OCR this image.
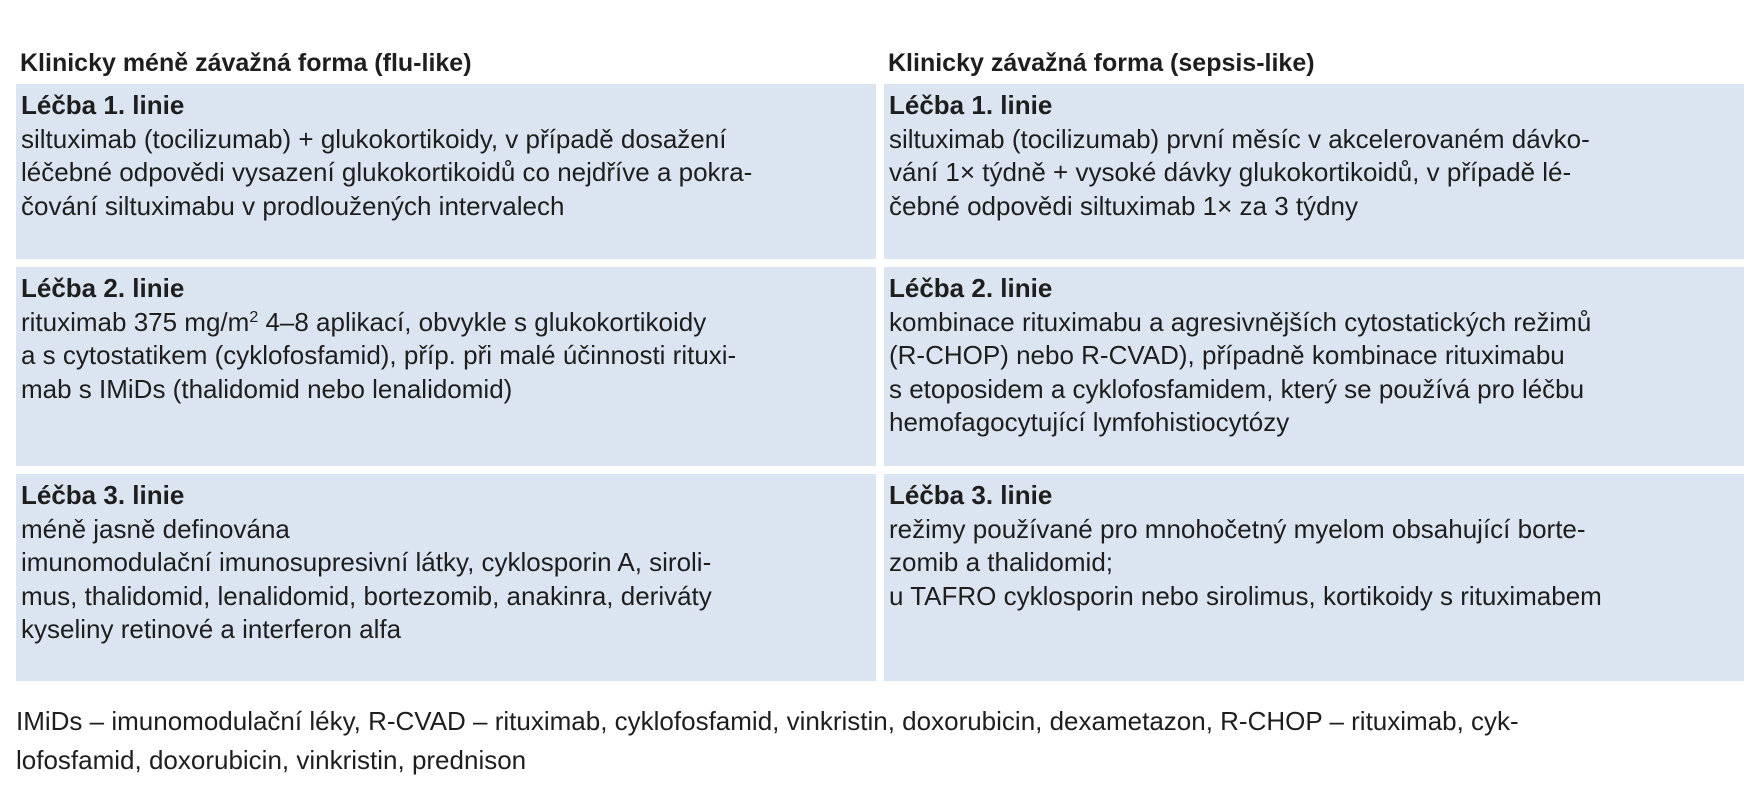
Klinicky méně závažná forma (flu-like)	Klinicky závažná forma (sepsis-like)
Léčba 1. linie
siltuximab (tocilizumab) + glukokortikoidy, v případě dosažení
léčebné odpovědi vysazení glukokortikoidů co nejdříve a pokra-
čování siltuximabu v prodloužených intervalech
Léčba 1. linie
siltuximab (tocilizumab) první měsíc v akcelerovaném dávko-
vání 1× týdně + vysoké dávky glukokortikoidů, v případě lé-
čebné odpovědi siltuximab 1× za 3 týdny
Léčba 2. linie
rituximab 375 $mg/m^2$ 4–8 aplikací, obvykle s glukokortikoidy
a s cytostatikem (cyklofosfamid), příp. při malé účinnosti rituxi-
mab s IMiDs (thalidomid nebo lenalidomid)
Léčba 2. linie
kombinace rituximabu a agresivnějších cytostatických režimů
(R-CHOP) nebo R-CVAD), případně kombinace rituximabu
s etoposidem a cyklofosfamidem, který se používá pro léčbu
hemofagocytující lymfohistiocytózy
Léčba 3. linie
méně jasně definována
imunomodulační imunosupresivní látky, cyklosporin A, siroli-
mus, thalidomid, lenalidomid, bortezomib, anakinra, deriváty
kyseliny retinové a interferon alfa
Léčba 3. linie
režimy používané pro mnohočetný myelom obsahující borte-
zomib a thalidomid;
u TAFRO cyklosporin nebo sirolimus, kortikoidy s rituximabem
IMiDs – imunomodulační léky, R-CVAD – rituximab, cyklofosfamid, vinkristin, doxorubicin, dexametazon, R-CHOP – rituximab, cyk-
lofosfamid, doxorubicin, vinkristin, prednison
